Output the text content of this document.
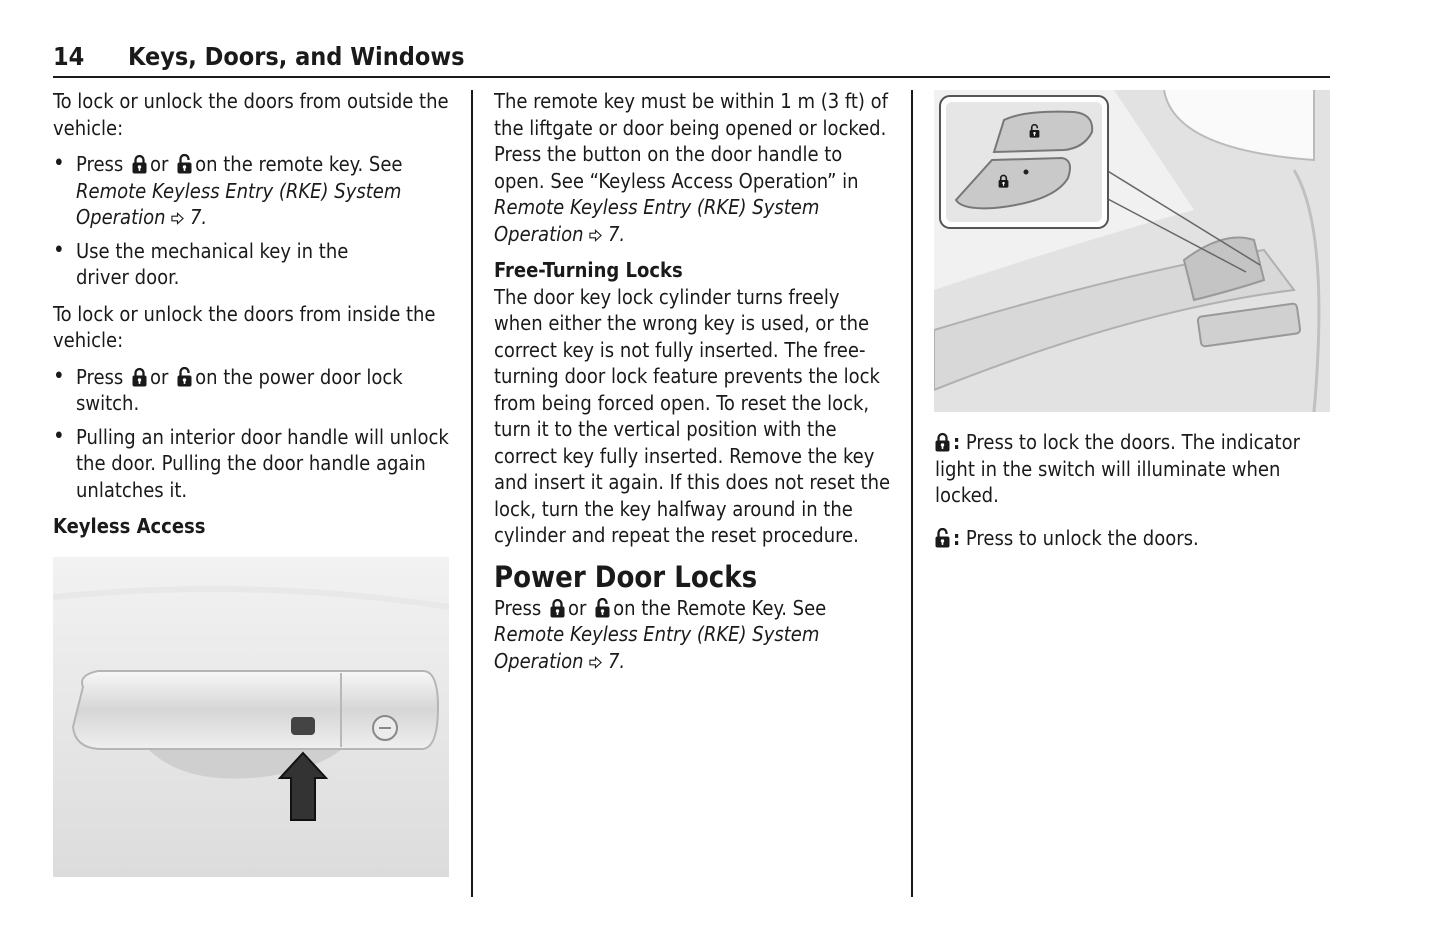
14 Keys, Doors, and Windows

To lock or unlock the doors from outside the vehicle:

• Press or on the remote key. See Remote Keyless Entry (RKE) System Operation 7.
• Use the mechanical key in the driver door.

To lock or unlock the doors from inside the vehicle:

• Press or on the power door lock switch.
• Pulling an interior door handle will unlock the door. Pulling the door handle again unlatches it.

Keyless Access

The remote key must be within 1 m (3 ft) of the liftgate or door being opened or locked. Press the button on the door handle to open. See “Keyless Access Operation” in Remote Keyless Entry (RKE) System Operation 7.

Free-Turning Locks

The door key lock cylinder turns freely when either the wrong key is used, or the correct key is not fully inserted. The free-turning door lock feature prevents the lock from being forced open. To reset the lock, turn it to the vertical position with the correct key fully inserted. Remove the key and insert it again. If this does not reset the lock, turn the key halfway around in the cylinder and repeat the reset procedure.

Power Door Locks

Press or on the Remote Key. See Remote Keyless Entry (RKE) System Operation 7.

: Press to lock the doors. The indicator light in the switch will illuminate when locked.

: Press to unlock the doors.
